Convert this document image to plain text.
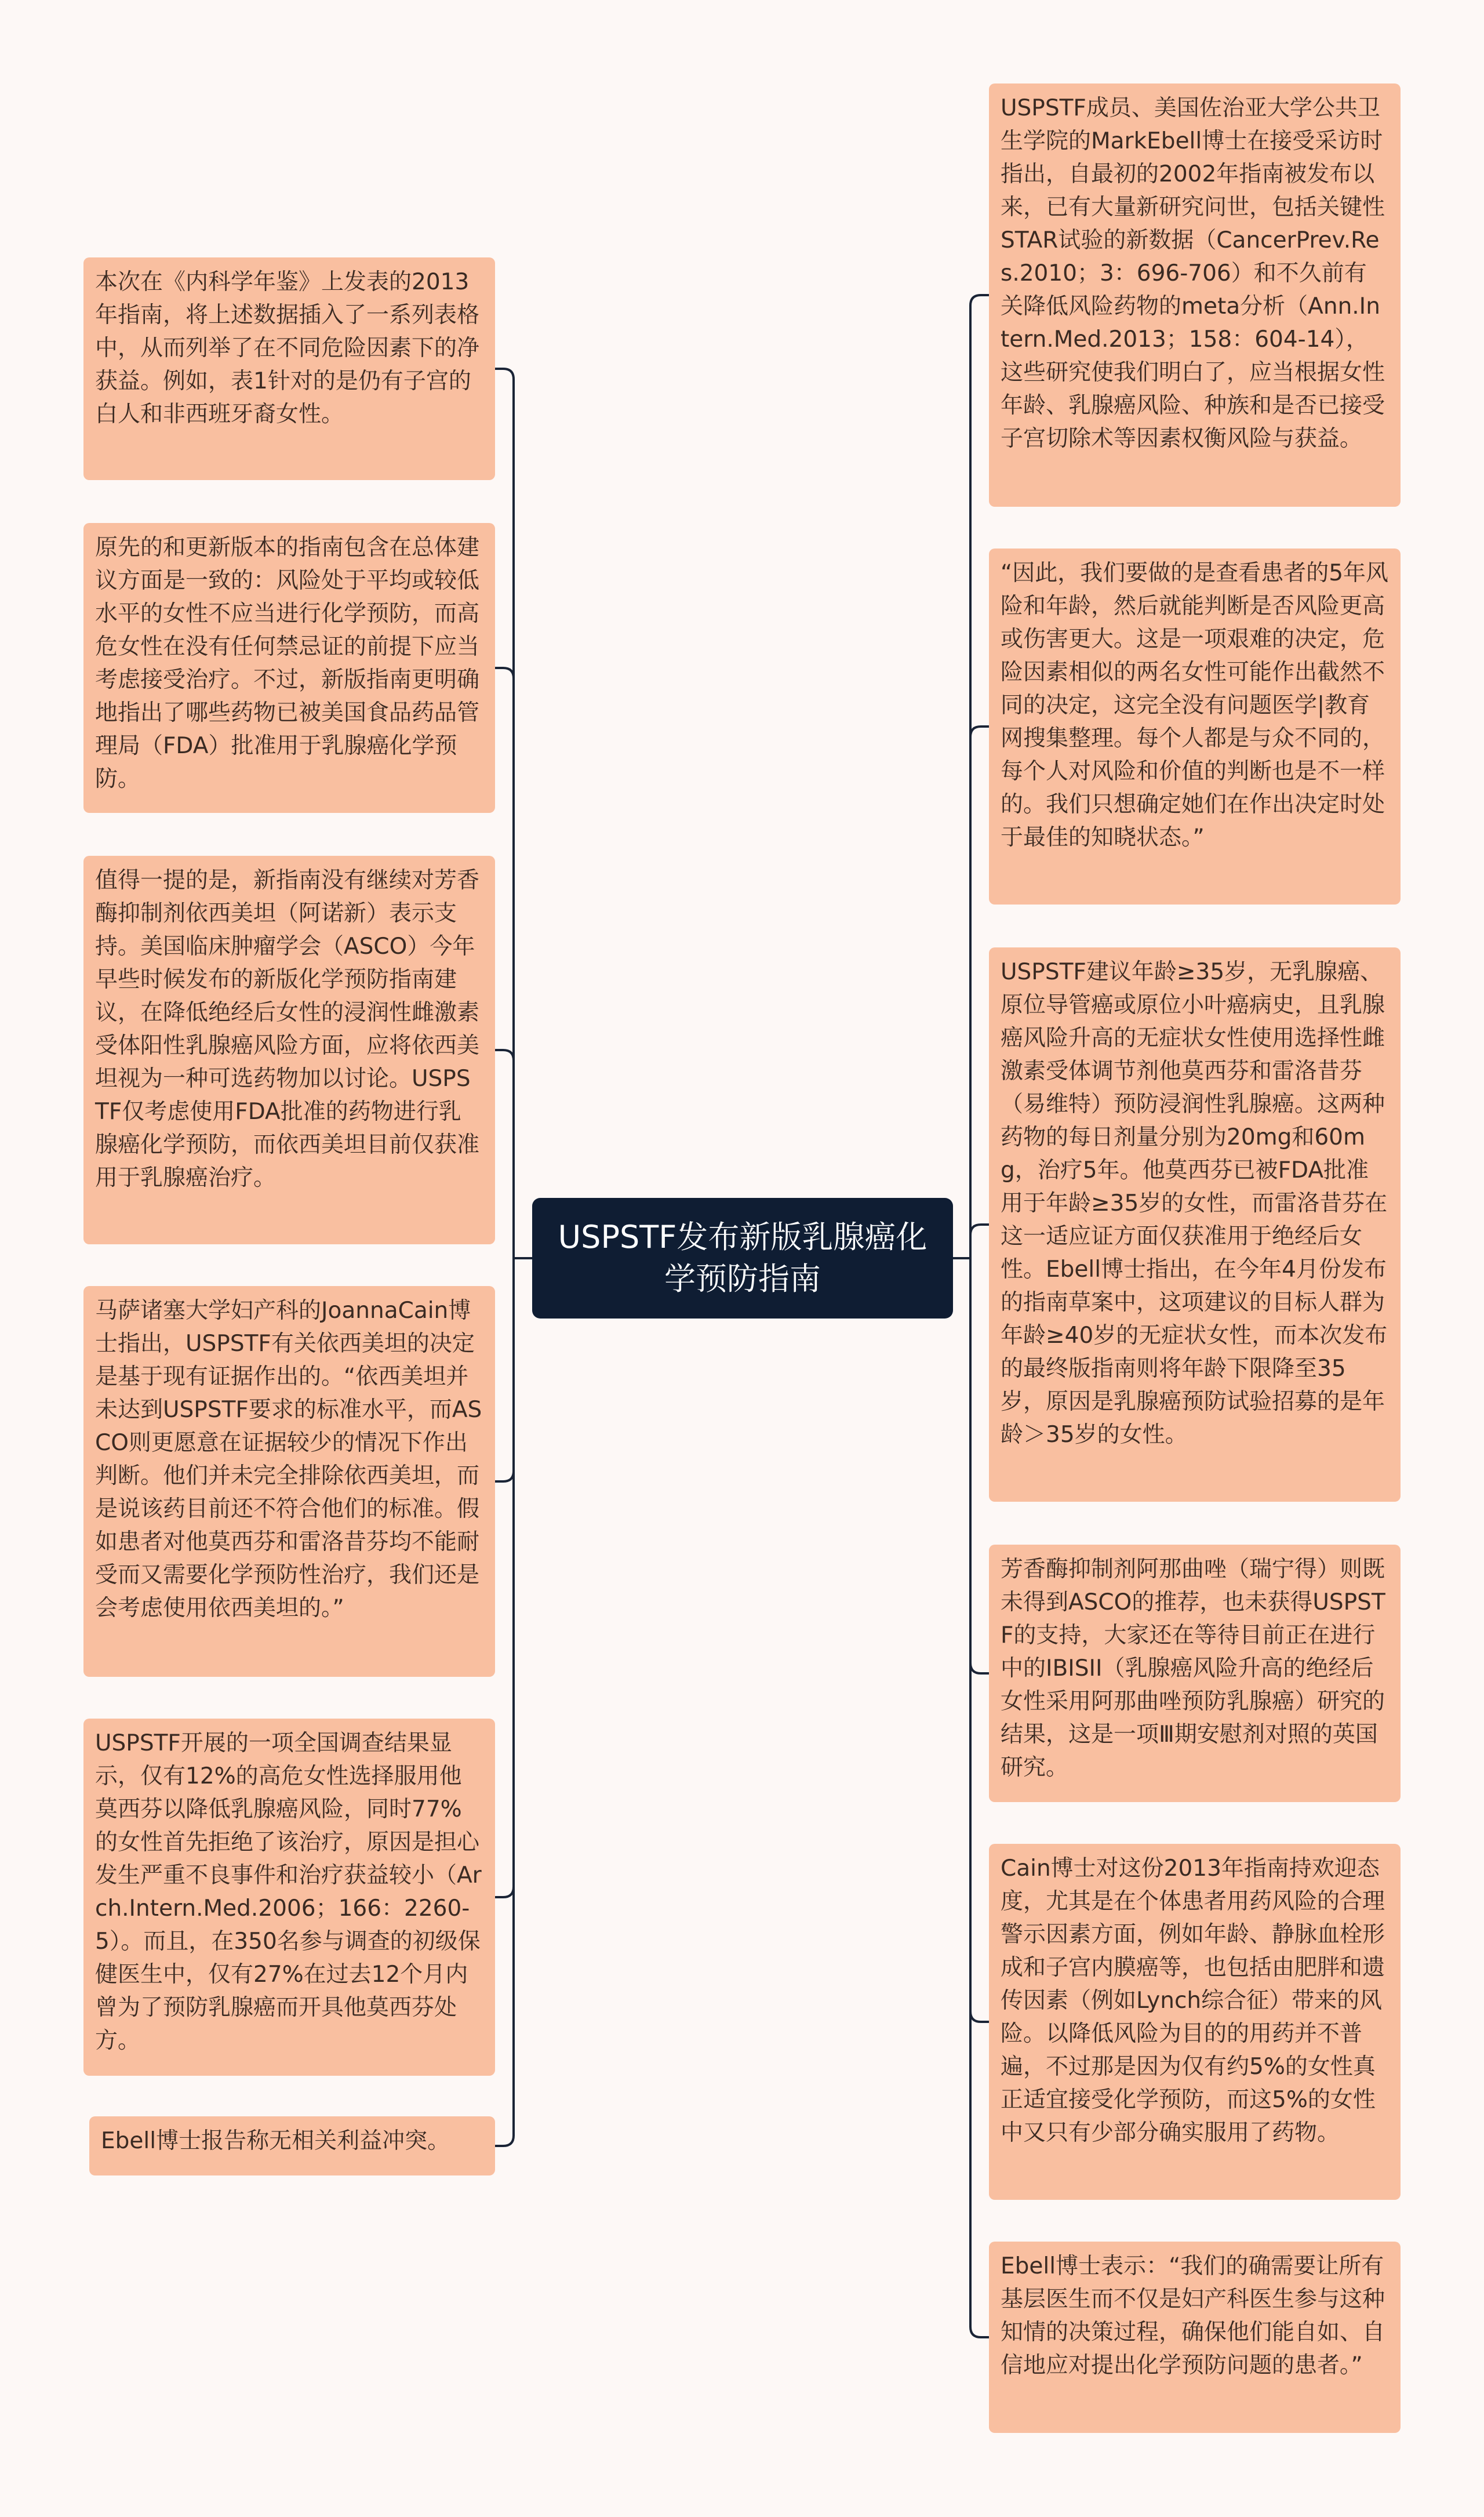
USPSTF发布新版乳腺癌化学预防指南
本次在《内科学年鉴》上发表的2013年指南，将上述数据插入了一系列表格中，从而列举了在不同危险因素下的净获益。例如，表1针对的是仍有子宫的白人和非西班牙裔女性。
原先的和更新版本的指南包含在总体建议方面是一致的：风险处于平均或较低水平的女性不应当进行化学预防，而高危女性在没有任何禁忌证的前提下应当考虑接受治疗。不过，新版指南更明确地指出了哪些药物已被美国食品药品管理局（FDA）批准用于乳腺癌化学预防。
值得一提的是，新指南没有继续对芳香酶抑制剂依西美坦（阿诺新）表示支持。美国临床肿瘤学会（ASCO）今年早些时候发布的新版化学预防指南建议，在降低绝经后女性的浸润性雌激素受体阳性乳腺癌风险方面，应将依西美坦视为一种可选药物加以讨论。USPSTF仅考虑使用FDA批准的药物进行乳腺癌化学预防，而依西美坦目前仅获准用于乳腺癌治疗。
马萨诸塞大学妇产科的JoannaCain博士指出，USPSTF有关依西美坦的决定是基于现有证据作出的。“依西美坦并未达到USPSTF要求的标准水平，而ASCO则更愿意在证据较少的情况下作出判断。他们并未完全排除依西美坦，而是说该药目前还不符合他们的标准。假如患者对他莫西芬和雷洛昔芬均不能耐受而又需要化学预防性治疗，我们还是会考虑使用依西美坦的。”
USPSTF开展的一项全国调查结果显示，仅有12%的高危女性选择服用他莫西芬以降低乳腺癌风险，同时77%的女性首先拒绝了该治疗，原因是担心发生严重不良事件和治疗获益较小（Arch.Intern.Med.2006；166：2260-5）。而且，在350名参与调查的初级保健医生中，仅有27%在过去12个月内曾为了预防乳腺癌而开具他莫西芬处方。
Ebell博士报告称无相关利益冲突。
USPSTF成员、美国佐治亚大学公共卫生学院的MarkEbell博士在接受采访时指出，自最初的2002年指南被发布以来，已有大量新研究问世，包括关键性STAR试验的新数据（CancerPrev.Res.2010；3：696-706）和不久前有关降低风险药物的meta分析（Ann.Intern.Med.2013；158：604-14），这些研究使我们明白了，应当根据女性年龄、乳腺癌风险、种族和是否已接受子宫切除术等因素权衡风险与获益。
“因此，我们要做的是查看患者的5年风险和年龄，然后就能判断是否风险更高或伤害更大。这是一项艰难的决定，危险因素相似的两名女性可能作出截然不同的决定，这完全没有问题医学|教育网搜集整理。每个人都是与众不同的，每个人对风险和价值的判断也是不一样的。我们只想确定她们在作出决定时处于最佳的知晓状态。”
USPSTF建议年龄≥35岁，无乳腺癌、原位导管癌或原位小叶癌病史，且乳腺癌风险升高的无症状女性使用选择性雌激素受体调节剂他莫西芬和雷洛昔芬（易维特）预防浸润性乳腺癌。这两种药物的每日剂量分别为20mg和60mg，治疗5年。他莫西芬已被FDA批准用于年龄≥35岁的女性，而雷洛昔芬在这一适应证方面仅获准用于绝经后女性。Ebell博士指出，在今年4月份发布的指南草案中，这项建议的目标人群为年龄≥40岁的无症状女性，而本次发布的最终版指南则将年龄下限降至35岁，原因是乳腺癌预防试验招募的是年龄＞35岁的女性。
芳香酶抑制剂阿那曲唑（瑞宁得）则既未得到ASCO的推荐，也未获得USPSTF的支持，大家还在等待目前正在进行中的IBISII（乳腺癌风险升高的绝经后女性采用阿那曲唑预防乳腺癌）研究的结果，这是一项Ⅲ期安慰剂对照的英国研究。
Cain博士对这份2013年指南持欢迎态度，尤其是在个体患者用药风险的合理警示因素方面，例如年龄、静脉血栓形成和子宫内膜癌等，也包括由肥胖和遗传因素（例如Lynch综合征）带来的风险。以降低风险为目的的用药并不普遍，不过那是因为仅有约5%的女性真正适宜接受化学预防，而这5%的女性中又只有少部分确实服用了药物。
Ebell博士表示：“我们的确需要让所有基层医生而不仅是妇产科医生参与这种知情的决策过程，确保他们能自如、自信地应对提出化学预防问题的患者。”
